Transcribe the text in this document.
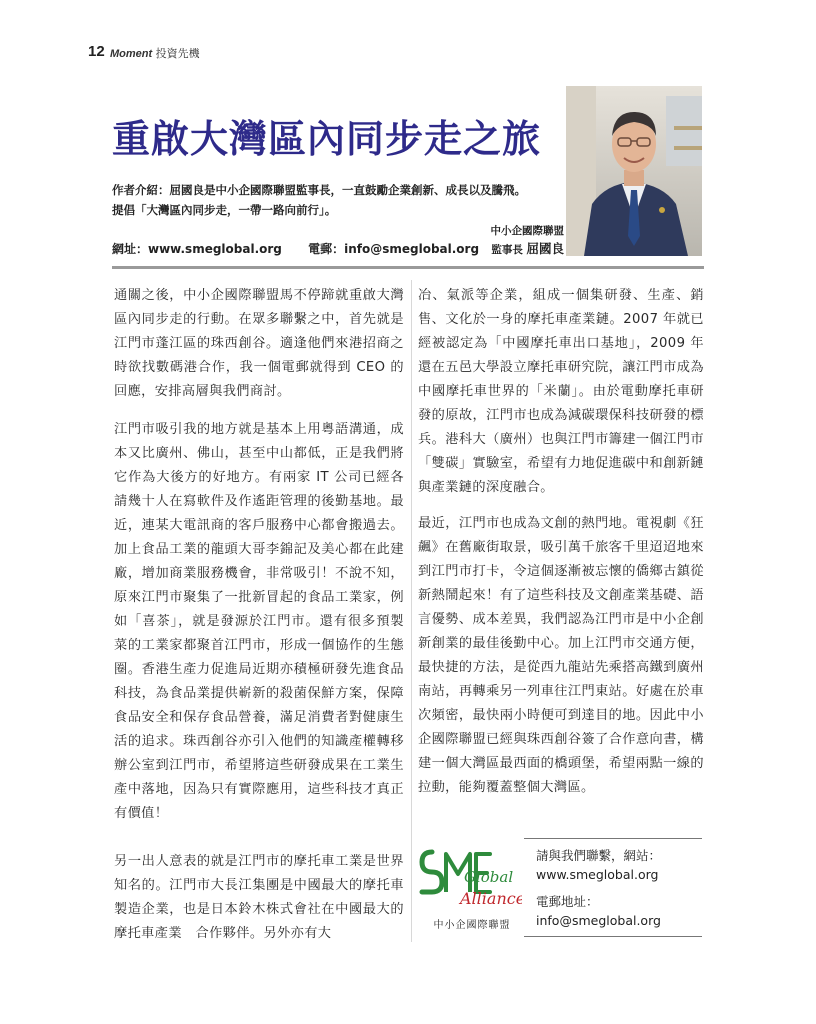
12 Moment 投資先機
重啟大灣區內同步走之旅
作者介紹：屈國良是中小企國際聯盟監事長，一直鼓勵企業創新、成長以及騰飛。
提倡「大灣區內同步走，一帶一路向前行」。
中小企國際聯盟
監事長 屈國良
網址：www.smeglobal.org 電郵：info@smeglobal.org

通關之後，中小企國際聯盟馬不停蹄就重啟大灣區內同步走的行動。在眾多聯繫之中，首先就是江門市蓬江區的珠西創谷。適逢他們來港招商之時欲找數碼港合作，我一個電郵就得到 CEO 的回應，安排高層與我們商討。

江門市吸引我的地方就是基本上用粵語溝通，成本又比廣州、佛山，甚至中山都低，正是我們將它作為大後方的好地方。有兩家 IT 公司已經各請幾十人在寫軟件及作遙距管理的後勤基地。最近，連某大電訊商的客戶服務中心都會搬過去。加上食品工業的龍頭大哥李錦記及美心都在此建廠，增加商業服務機會，非常吸引！不說不知，原來江門市聚集了一批新冒起的食品工業家，例如「喜茶」，就是發源於江門市。還有很多預製菜的工業家都聚首江門市，形成一個協作的生態圈。香港生產力促進局近期亦積極研發先進食品科技，為食品業提供嶄新的殺菌保鮮方案，保障食品安全和保存食品營養，滿足消費者對健康生活的追求。珠西創谷亦引入他們的知識產權轉移辦公室到江門市，希望將這些研發成果在工業生產中落地，因為只有實際應用，這些科技才真正有價值！

另一出人意表的就是江門市的摩托車工業是世界知名的。江門市大長江集團是中國最大的摩托車製造企業，也是日本鈴木株式會社在中國最大的摩托車產業　合作夥伴。另外亦有大

冶、氣派等企業，組成一個集研發、生產、銷售、文化於一身的摩托車產業鏈。2007 年就已經被認定為「中國摩托車出口基地」，2009 年還在五邑大學設立摩托車研究院，讓江門市成為中國摩托車世界的「米蘭」。由於電動摩托車研發的原故，江門市也成為減碳環保科技研發的標兵。港科大（廣州）也與江門市籌建一個江門市「雙碳」實驗室，希望有力地促進碳中和創新鏈與產業鏈的深度融合。

最近，江門市也成為文創的熱門地。電視劇《狂飆》在舊廠街取景，吸引萬千旅客千里迢迢地來到江門市打卡，令這個逐漸被忘懷的僑鄉古鎮從新熱鬧起來！有了這些科技及文創產業基礎、語言優勢、成本差異，我們認為江門市是中小企創新創業的最佳後勤中心。加上江門市交通方便，最快捷的方法，是從西九龍站先乘搭高鐵到廣州南站，再轉乘另一列車往江門東站。好處在於車次頻密，最快兩小時便可到達目的地。因此中小企國際聯盟已經與珠西創谷簽了合作意向書，構建一個大灣區最西面的橋頭堡，希望兩點一線的拉動，能夠覆蓋整個大灣區。

Global
Alliance
中小企國際聯盟
請與我們聯繫，網站：
www.smeglobal.org
電郵地址：
info@smeglobal.org
